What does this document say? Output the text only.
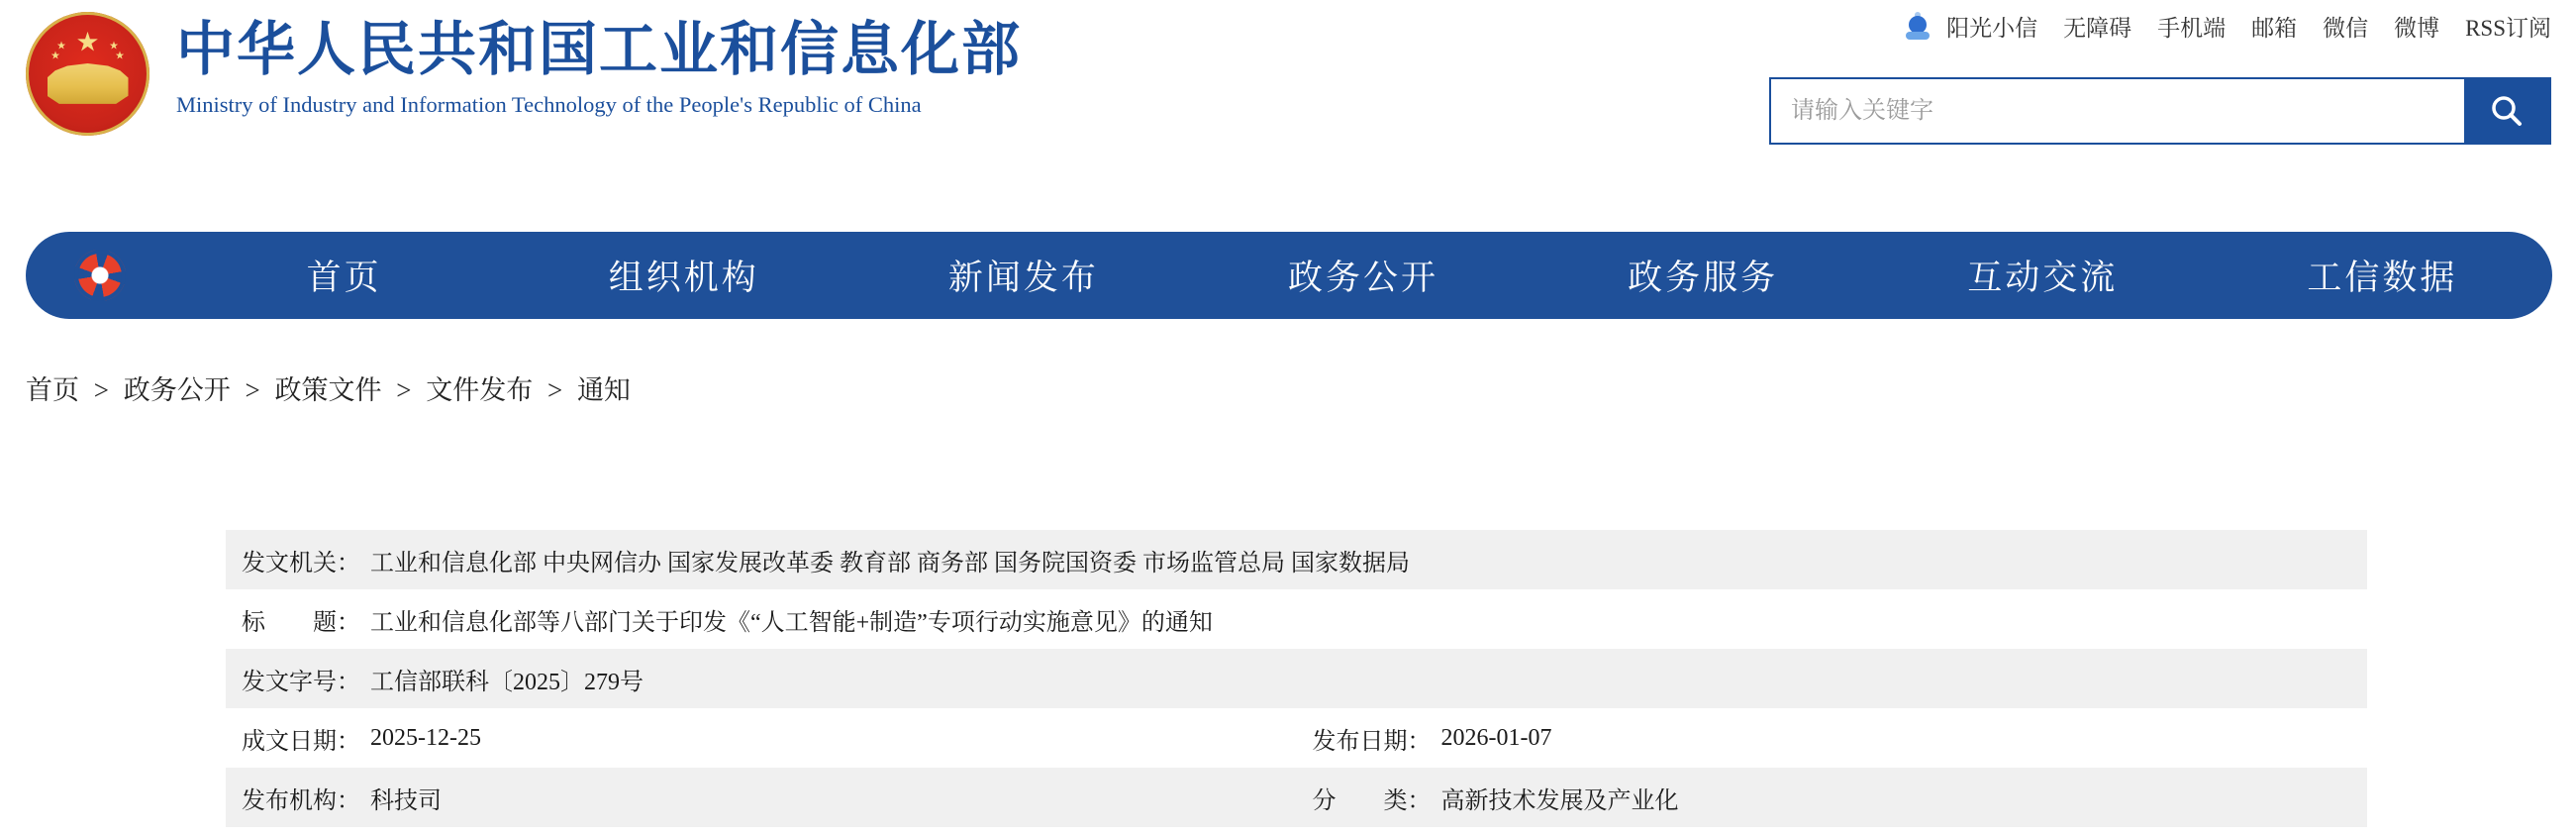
★
★
★
★
★ 中华人民共和国工业和信息化部
Ministry of Industry and Information Technology of the People's Republic of China
阳光小信 无障碍 手机端 邮箱 微信 微博 RSS订阅
请输入关键字
首页	组织机构	新闻发布	政务公开	政务服务	互动交流	工信数据
首页 > 政务公开 > 政策文件 > 文件发布 > 通知
发文机关： 工业和信息化部 中央网信办 国家发展改革委 教育部 商务部 国务院国资委 市场监管总局 国家数据局
标　　题： 工业和信息化部等八部门关于印发《“人工智能+制造”专项行动实施意见》的通知
发文字号： 工信部联科〔2025〕279号
成文日期： 2025-12-25	发布日期： 2026-01-07
发布机构： 科技司	分　　类： 高新技术发展及产业化
